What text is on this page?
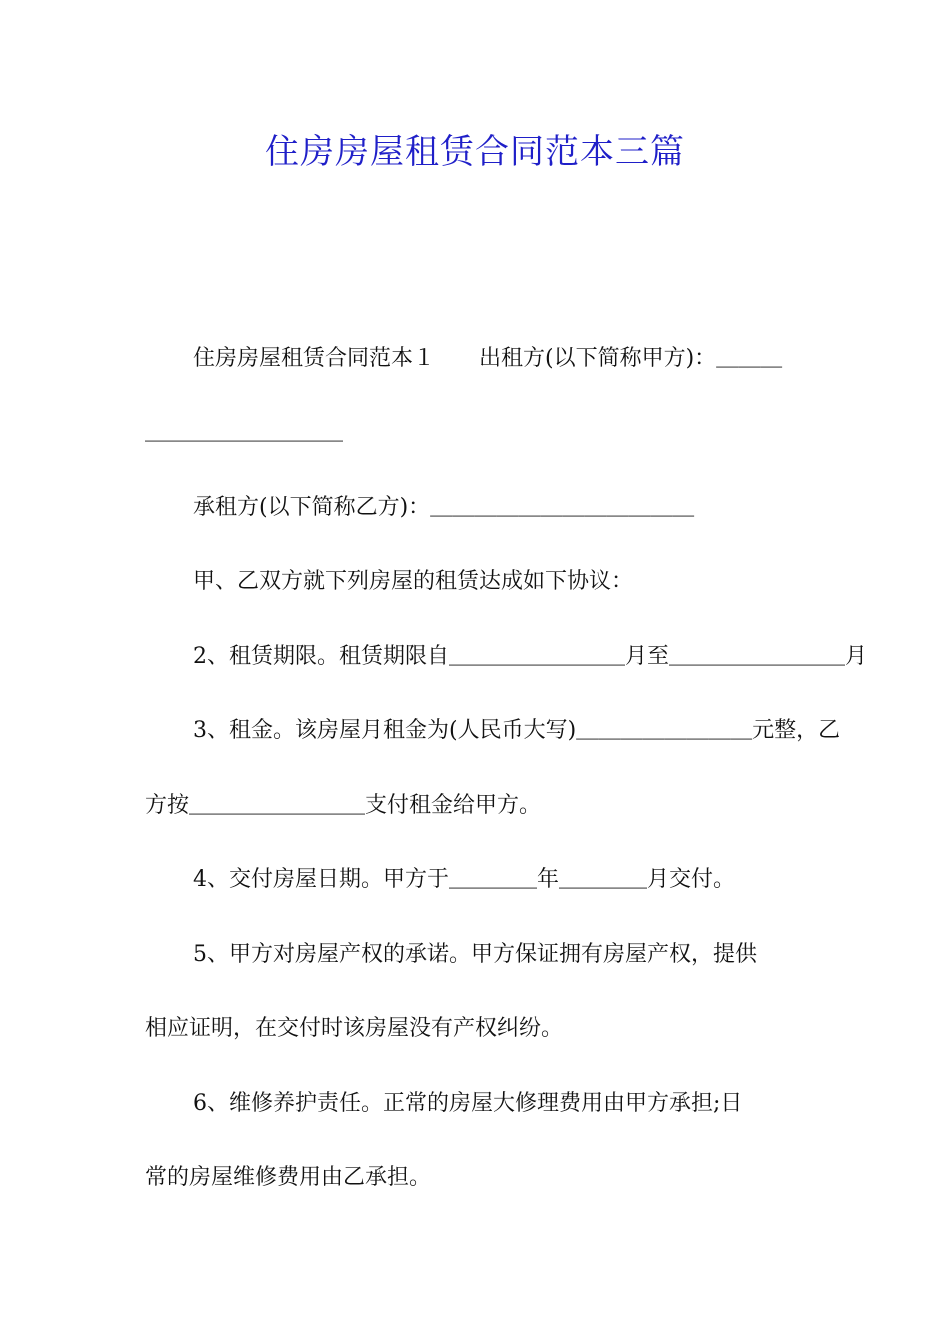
住房房屋租赁合同范本三篇
住房房屋租赁合同范本１　　出租方(以下简称甲方)：＿＿＿
＿＿＿＿＿＿＿＿＿
承租方(以下简称乙方)：＿＿＿＿＿＿＿＿＿＿＿＿
甲、乙双方就下列房屋的租赁达成如下协议：
2、租赁期限。租赁期限自＿＿＿＿＿＿＿＿月至＿＿＿＿＿＿＿＿月
3、租金。该房屋月租金为(人民币大写)＿＿＿＿＿＿＿＿元整，乙
方按＿＿＿＿＿＿＿＿支付租金给甲方。
4、交付房屋日期。甲方于＿＿＿＿年＿＿＿＿月交付。
5、甲方对房屋产权的承诺。甲方保证拥有房屋产权，提供
相应证明，在交付时该房屋没有产权纠纷。
6、维修养护责任。正常的房屋大修理费用由甲方承担;日
常的房屋维修费用由乙承担。
